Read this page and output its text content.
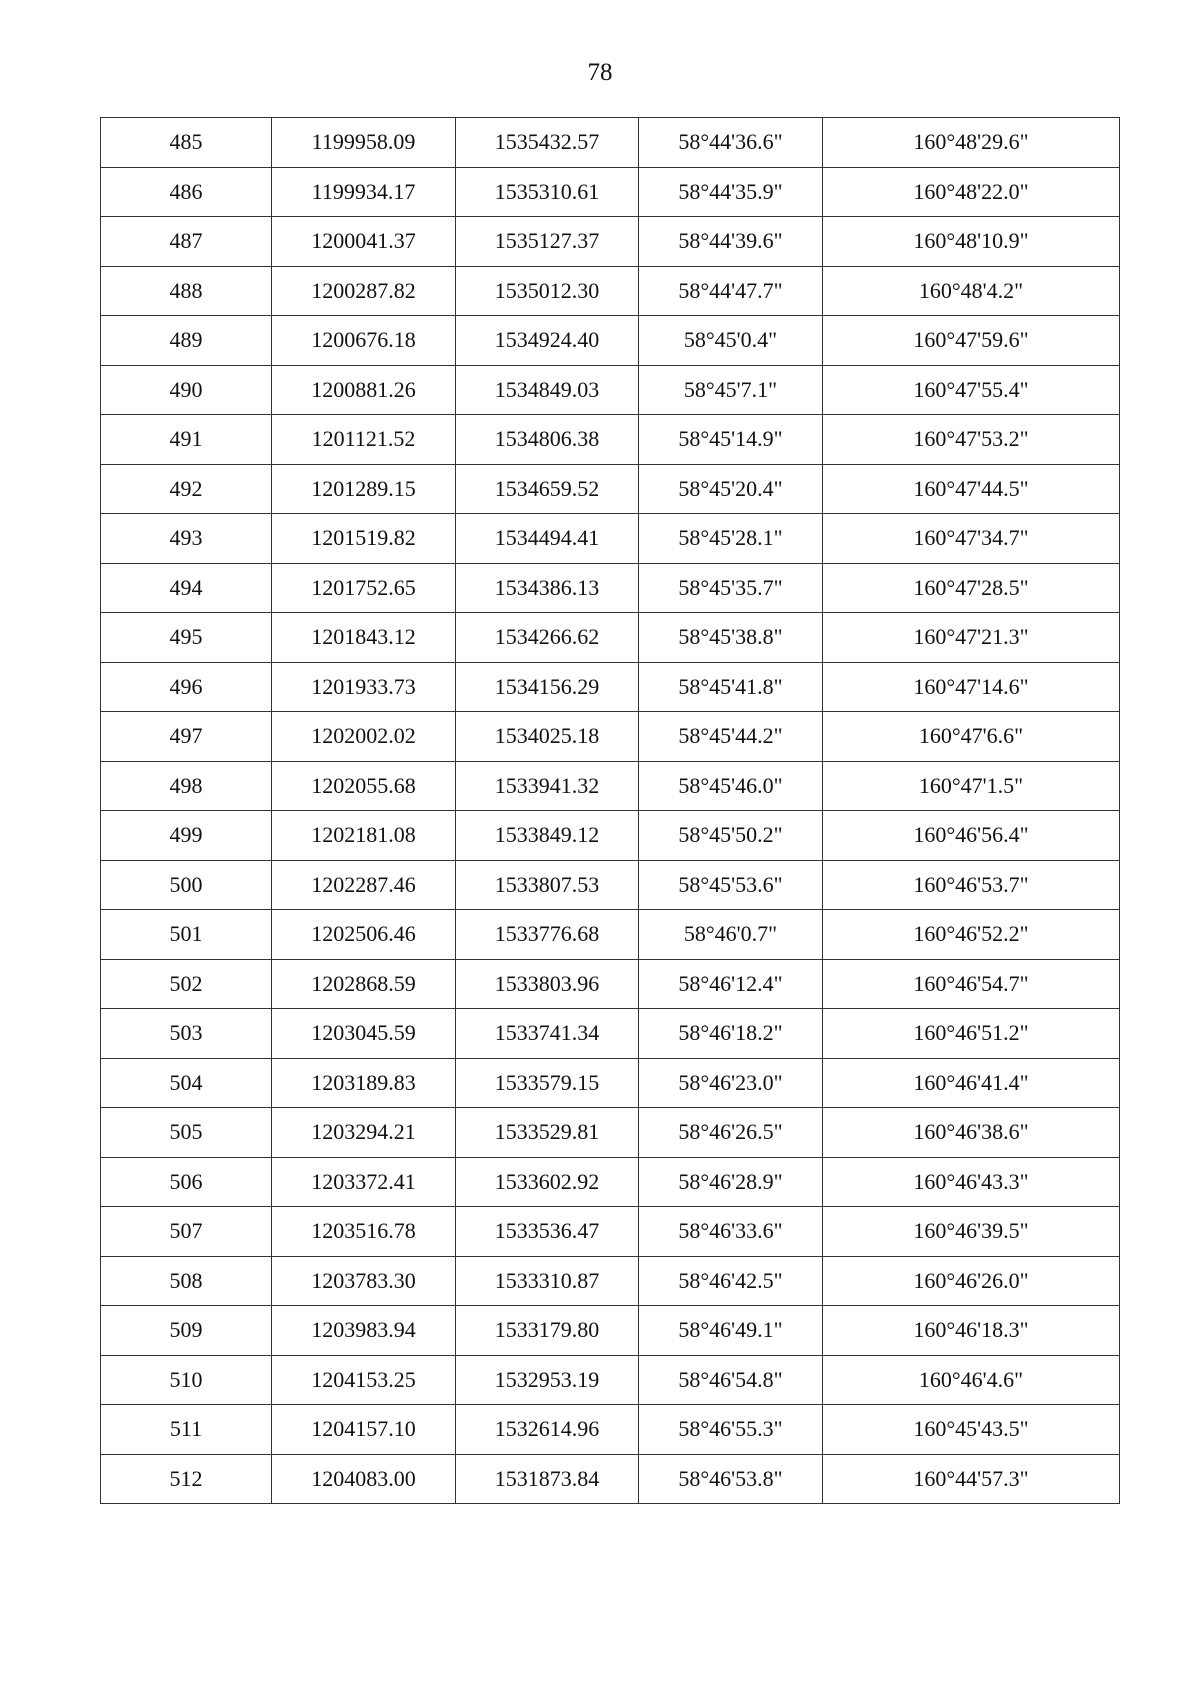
78
485	1199958.09	1535432.57	58°44'36.6"	160°48'29.6"
486	1199934.17	1535310.61	58°44'35.9"	160°48'22.0"
487	1200041.37	1535127.37	58°44'39.6"	160°48'10.9"
488	1200287.82	1535012.30	58°44'47.7"	160°48'4.2"
489	1200676.18	1534924.40	58°45'0.4"	160°47'59.6"
490	1200881.26	1534849.03	58°45'7.1"	160°47'55.4"
491	1201121.52	1534806.38	58°45'14.9"	160°47'53.2"
492	1201289.15	1534659.52	58°45'20.4"	160°47'44.5"
493	1201519.82	1534494.41	58°45'28.1"	160°47'34.7"
494	1201752.65	1534386.13	58°45'35.7"	160°47'28.5"
495	1201843.12	1534266.62	58°45'38.8"	160°47'21.3"
496	1201933.73	1534156.29	58°45'41.8"	160°47'14.6"
497	1202002.02	1534025.18	58°45'44.2"	160°47'6.6"
498	1202055.68	1533941.32	58°45'46.0"	160°47'1.5"
499	1202181.08	1533849.12	58°45'50.2"	160°46'56.4"
500	1202287.46	1533807.53	58°45'53.6"	160°46'53.7"
501	1202506.46	1533776.68	58°46'0.7"	160°46'52.2"
502	1202868.59	1533803.96	58°46'12.4"	160°46'54.7"
503	1203045.59	1533741.34	58°46'18.2"	160°46'51.2"
504	1203189.83	1533579.15	58°46'23.0"	160°46'41.4"
505	1203294.21	1533529.81	58°46'26.5"	160°46'38.6"
506	1203372.41	1533602.92	58°46'28.9"	160°46'43.3"
507	1203516.78	1533536.47	58°46'33.6"	160°46'39.5"
508	1203783.30	1533310.87	58°46'42.5"	160°46'26.0"
509	1203983.94	1533179.80	58°46'49.1"	160°46'18.3"
510	1204153.25	1532953.19	58°46'54.8"	160°46'4.6"
511	1204157.10	1532614.96	58°46'55.3"	160°45'43.5"
512	1204083.00	1531873.84	58°46'53.8"	160°44'57.3"
